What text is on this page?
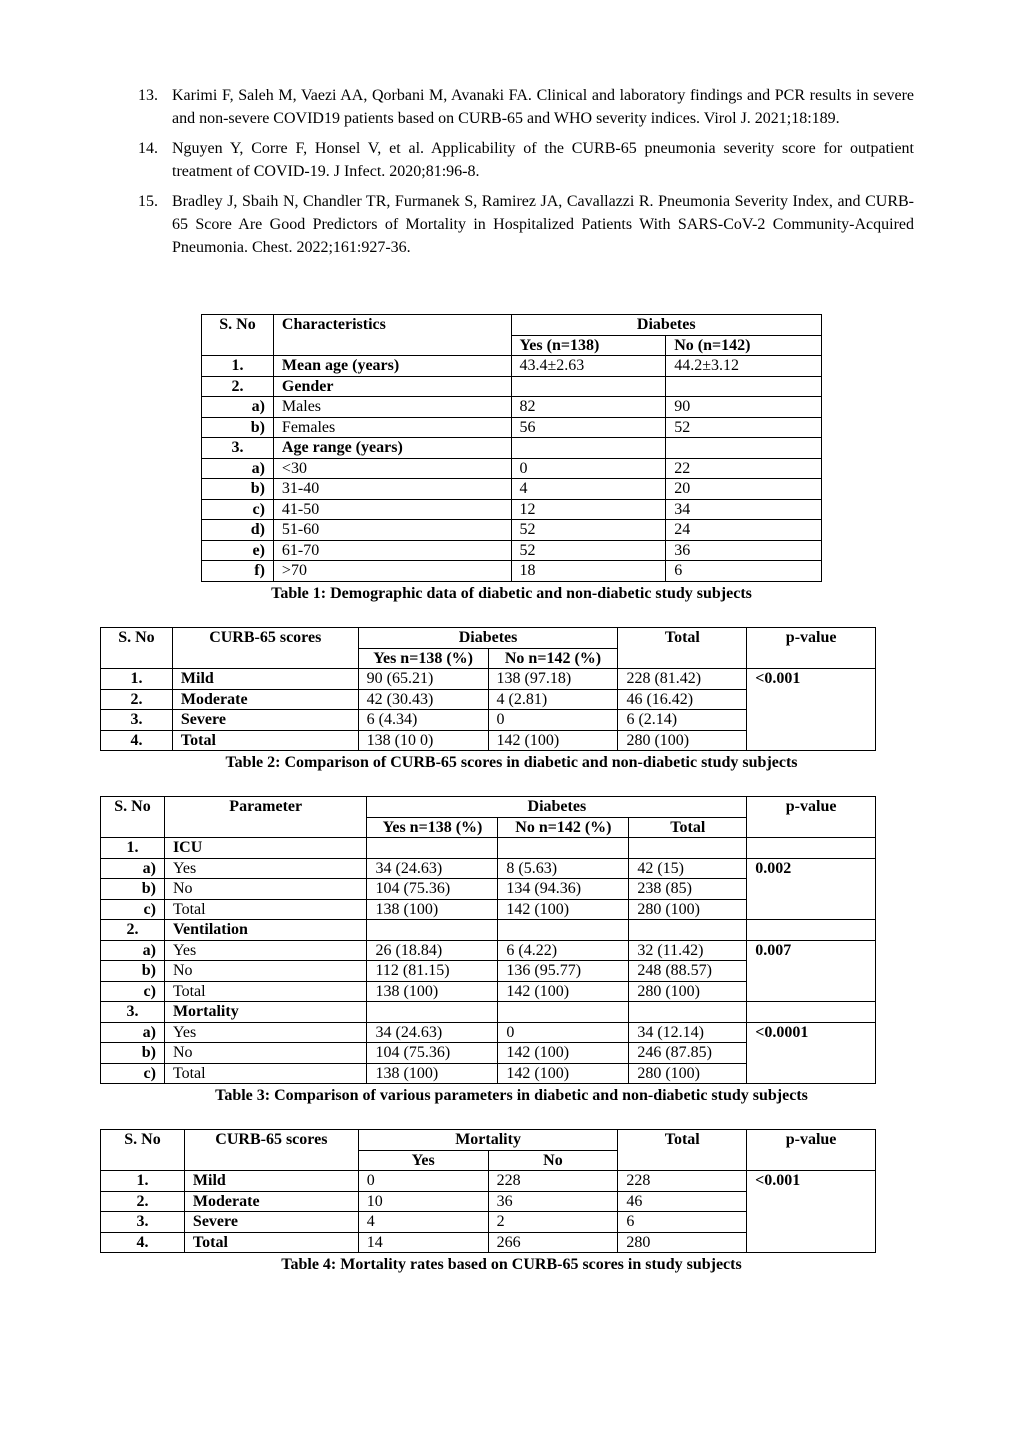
13. Karimi F, Saleh M, Vaezi AA, Qorbani M, Avanaki FA. Clinical and laboratory findings and PCR results in severe and non-severe COVID19 patients based on CURB-65 and WHO severity indices. Virol J. 2021;18:189.
14. Nguyen Y, Corre F, Honsel V, et al. Applicability of the CURB-65 pneumonia severity score for outpatient treatment of COVID-19. J Infect. 2020;81:96-8.
15. Bradley J, Sbaih N, Chandler TR, Furmanek S, Ramirez JA, Cavallazzi R. Pneumonia Severity Index, and CURB-65 Score Are Good Predictors of Mortality in Hospitalized Patients With SARS-CoV-2 Community-Acquired Pneumonia. Chest. 2022;161:927-36.
S. No	Characteristics	Diabetes	
		Yes (n=138)	No (n=142)
1.	Mean age (years)	43.4±2.63	44.2±3.12
2.	Gender		
a)	Males	82	90
b)	Females	56	52
3.	Age range (years)		
a)	<30	0	22
b)	31-40	4	20
c)	41-50	12	34
d)	51-60	52	24
e)	61-70	52	36
f)	>70	18	6
Table 1: Demographic data of diabetic and non-diabetic study subjects
S. No	CURB-65 scores	Diabetes		Total	p-value
		Yes n=138 (%)	No n=142 (%)		
1.	Mild	90 (65.21)	138 (97.18)	228 (81.42)	<0.001
2.	Moderate	42 (30.43)	4 (2.81)	46 (16.42)	
3.	Severe	6 (4.34)	0	6 (2.14)	
4.	Total	138 (10 0)	142 (100)	280 (100)	
Table 2: Comparison of CURB-65 scores in diabetic and non-diabetic study subjects
S. No	Parameter	Diabetes			p-value
		Yes n=138 (%)	No n=142 (%)	Total	
1.	ICU				
a)	Yes	34 (24.63)	8 (5.63)	42 (15)	0.002
b)	No	104 (75.36)	134 (94.36)	238 (85)	
c)	Total	138 (100)	142 (100)	280 (100)	
2.	Ventilation				
a)	Yes	26 (18.84)	6 (4.22)	32 (11.42)	0.007
b)	No	112 (81.15)	136 (95.77)	248 (88.57)	
c)	Total	138 (100)	142 (100)	280 (100)	
3.	Mortality				
a)	Yes	34 (24.63)	0	34 (12.14)	<0.0001
b)	No	104 (75.36)	142 (100)	246 (87.85)	
c)	Total	138 (100)	142 (100)	280 (100)	
Table 3: Comparison of various parameters in diabetic and non-diabetic study subjects
S. No	CURB-65 scores	Mortality		Total	p-value
		Yes	No		
1.	Mild	0	228	228	<0.001
2.	Moderate	10	36	46	
3.	Severe	4	2	6	
4.	Total	14	266	280	
Table 4: Mortality rates based on CURB-65 scores in study subjects
